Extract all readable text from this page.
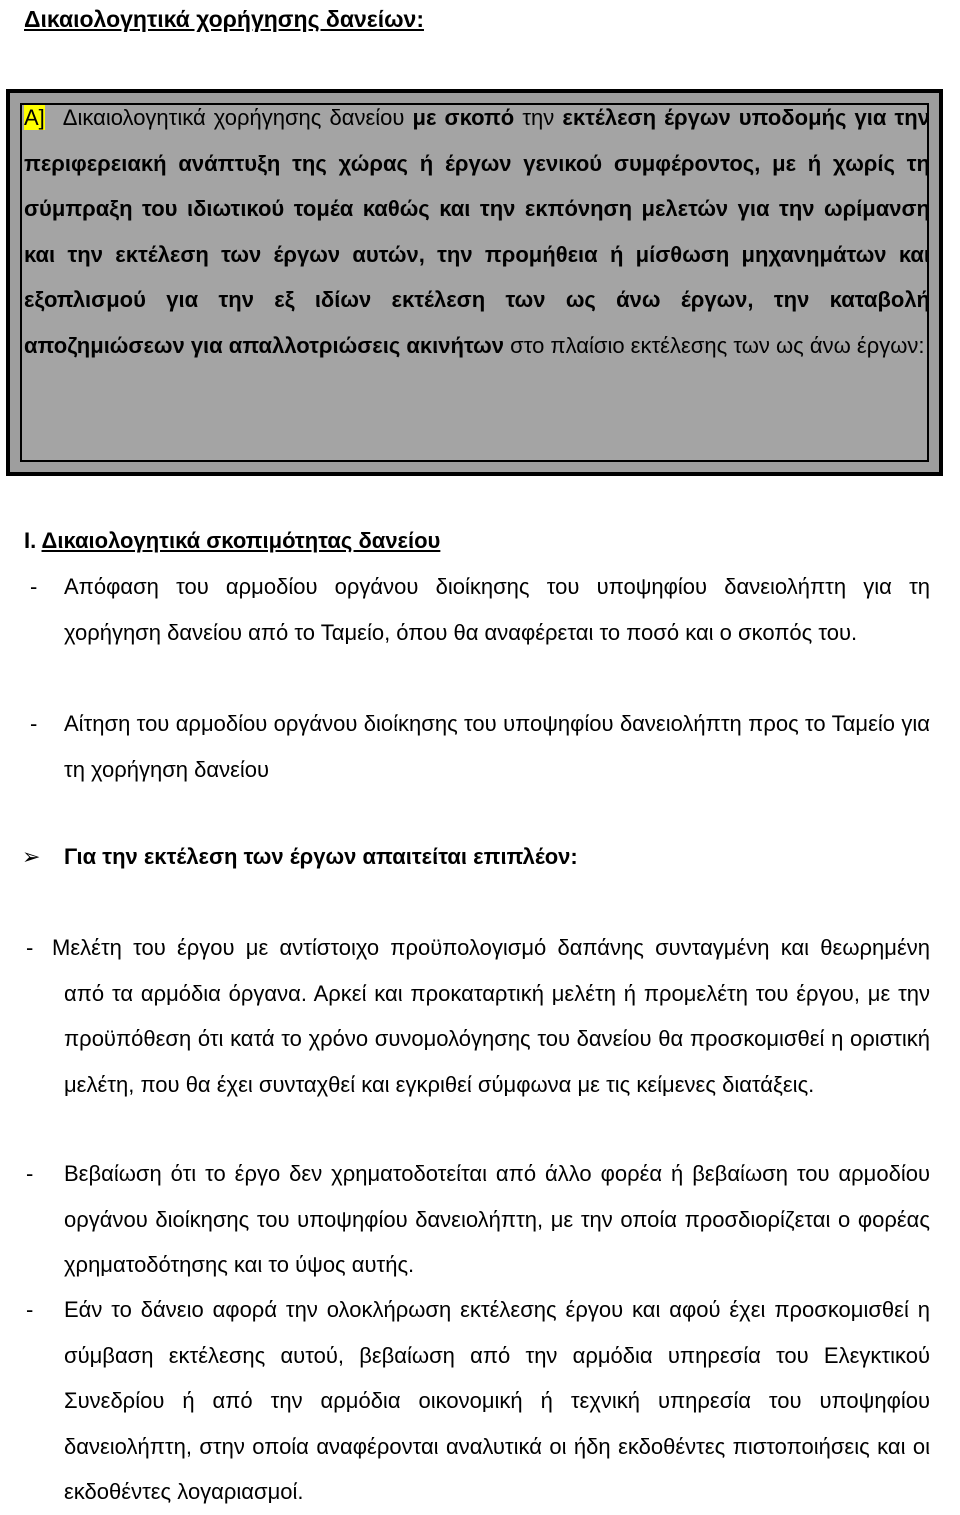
Δικαιολογητικά χορήγησης δανείων:
Α] Δικαιολογητικά χορήγησης δανείου με σκοπό την εκτέλεση έργων υποδομής για την περιφερειακή ανάπτυξη της χώρας ή έργων γενικού συμφέροντος, με ή χωρίς τη σύμπραξη του ιδιωτικού τομέα καθώς και την εκπόνηση μελετών για την ωρίμανση και την εκτέλεση των έργων αυτών, την προμήθεια ή μίσθωση μηχανημάτων και εξοπλισμού για την εξ ιδίων εκτέλεση των ως άνω έργων, την καταβολή αποζημιώσεων για απαλλοτριώσεις ακινήτων στο πλαίσιο εκτέλεσης των ως άνω έργων:
Ι. Δικαιολογητικά σκοπιμότητας δανείου
- Απόφαση του αρμοδίου οργάνου διοίκησης του υποψηφίου δανειολήπτη για τη χορήγηση δανείου από το Ταμείο, όπου θα αναφέρεται το ποσό και ο σκοπός του.
- Αίτηση του αρμοδίου οργάνου διοίκησης του υποψηφίου δανειολήπτη προς το Ταμείο για τη χορήγηση δανείου
➢ Για την εκτέλεση των έργων απαιτείται επιπλέον:
- Μελέτη του έργου με αντίστοιχο προϋπολογισμό δαπάνης συνταγμένη και θεωρημένη από τα αρμόδια όργανα. Αρκεί και προκαταρτική μελέτη ή προμελέτη του έργου, με την προϋπόθεση ότι κατά το χρόνο συνομολόγησης του δανείου θα προσκομισθεί η οριστική μελέτη, που θα έχει συνταχθεί και εγκριθεί σύμφωνα με τις κείμενες διατάξεις.
- Βεβαίωση ότι το έργο δεν χρηματοδοτείται από άλλο φορέα ή βεβαίωση του αρμοδίου οργάνου διοίκησης του υποψηφίου δανειολήπτη, με την οποία προσδιορίζεται ο φορέας χρηματοδότησης και το ύψος αυτής.
- Εάν το δάνειο αφορά την ολοκλήρωση εκτέλεσης έργου και αφού έχει προσκομισθεί η σύμβαση εκτέλεσης αυτού, βεβαίωση από την αρμόδια υπηρεσία του Ελεγκτικού Συνεδρίου ή από την αρμόδια οικονομική ή τεχνική υπηρεσία του υποψηφίου δανειολήπτη, στην οποία αναφέρονται αναλυτικά οι ήδη εκδοθέντες πιστοποιήσεις και οι εκδοθέντες λογαριασμοί.
